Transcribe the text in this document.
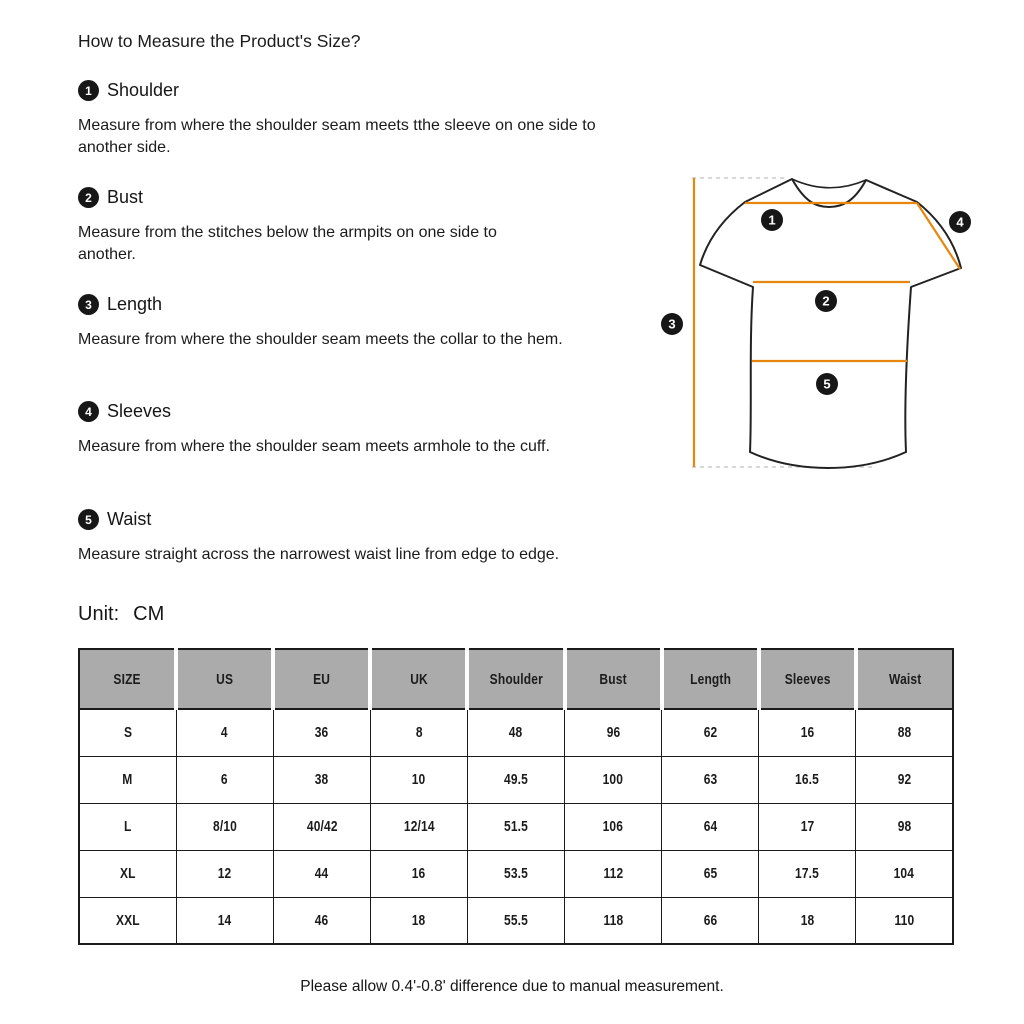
How to Measure the Product's Size?
1 Shoulder

Measure from where the shoulder seam meets tthe sleeve on one side to another side.

2 Bust

Measure from the stitches below the armpits on one side to another.

3 Length

Measure from where the shoulder seam meets the collar to the hem.

4 Sleeves

Measure from where the shoulder seam meets armhole to the cuff.

5 Waist

Measure straight across the narrowest waist line from edge to edge.

Unit: CM
1
2
3
4
5
SIZE	US	EU	UK	Shoulder	Bust	Length	Sleeves	Waist
S	4	36	8	48	96	62	16	88
M	6	38	10	49.5	100	63	16.5	92
L	8/10	40/42	12/14	51.5	106	64	17	98
XL	12	44	16	53.5	112	65	17.5	104
XXL	14	46	18	55.5	118	66	18	110
Please allow 0.4'-0.8' difference due to manual measurement.
